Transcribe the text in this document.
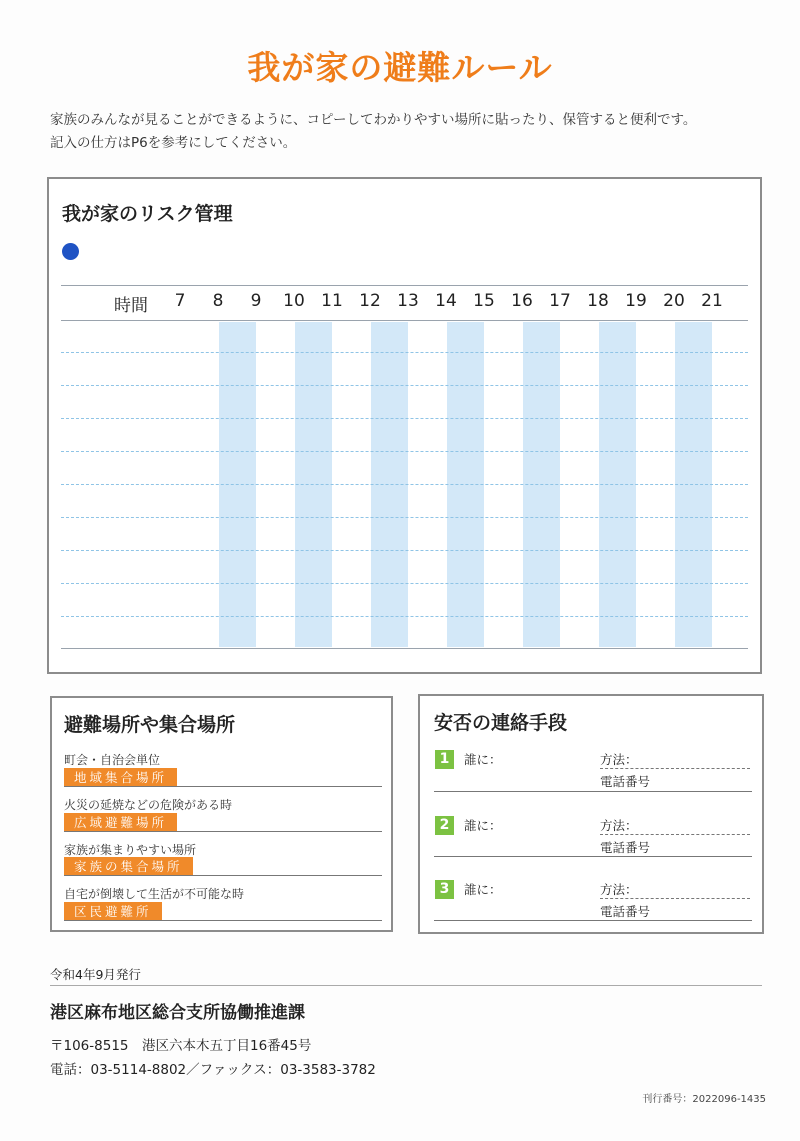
我が家の避難ルール
家族のみんなが見ることができるように、コピーしてわかりやすい場所に貼ったり、保管すると便利です。
記入の仕方はP6を参考にしてください。
我が家のリスク管理
時間	7	8	9	10 11 12 13 14 15 16 17 18 19 20 21
避難場所や集合場所
町会・自治会単位
地域集合場所
火災の延焼などの危険がある時
広域避難場所
家族が集まりやすい場所
家族の集合場所
自宅が倒壊して生活が不可能な時
区民避難所
安否の連絡手段
1	誰に：	方法：
電話番号
2	誰に：	方法：
電話番号
3	誰に：	方法：
電話番号
令和4年9月発行
港区麻布地区総合支所協働推進課
〒106-8515　港区六本木五丁目16番45号
電話：03-5114-8802／ファックス：03-3583-3782
刊行番号：2022096-1435
